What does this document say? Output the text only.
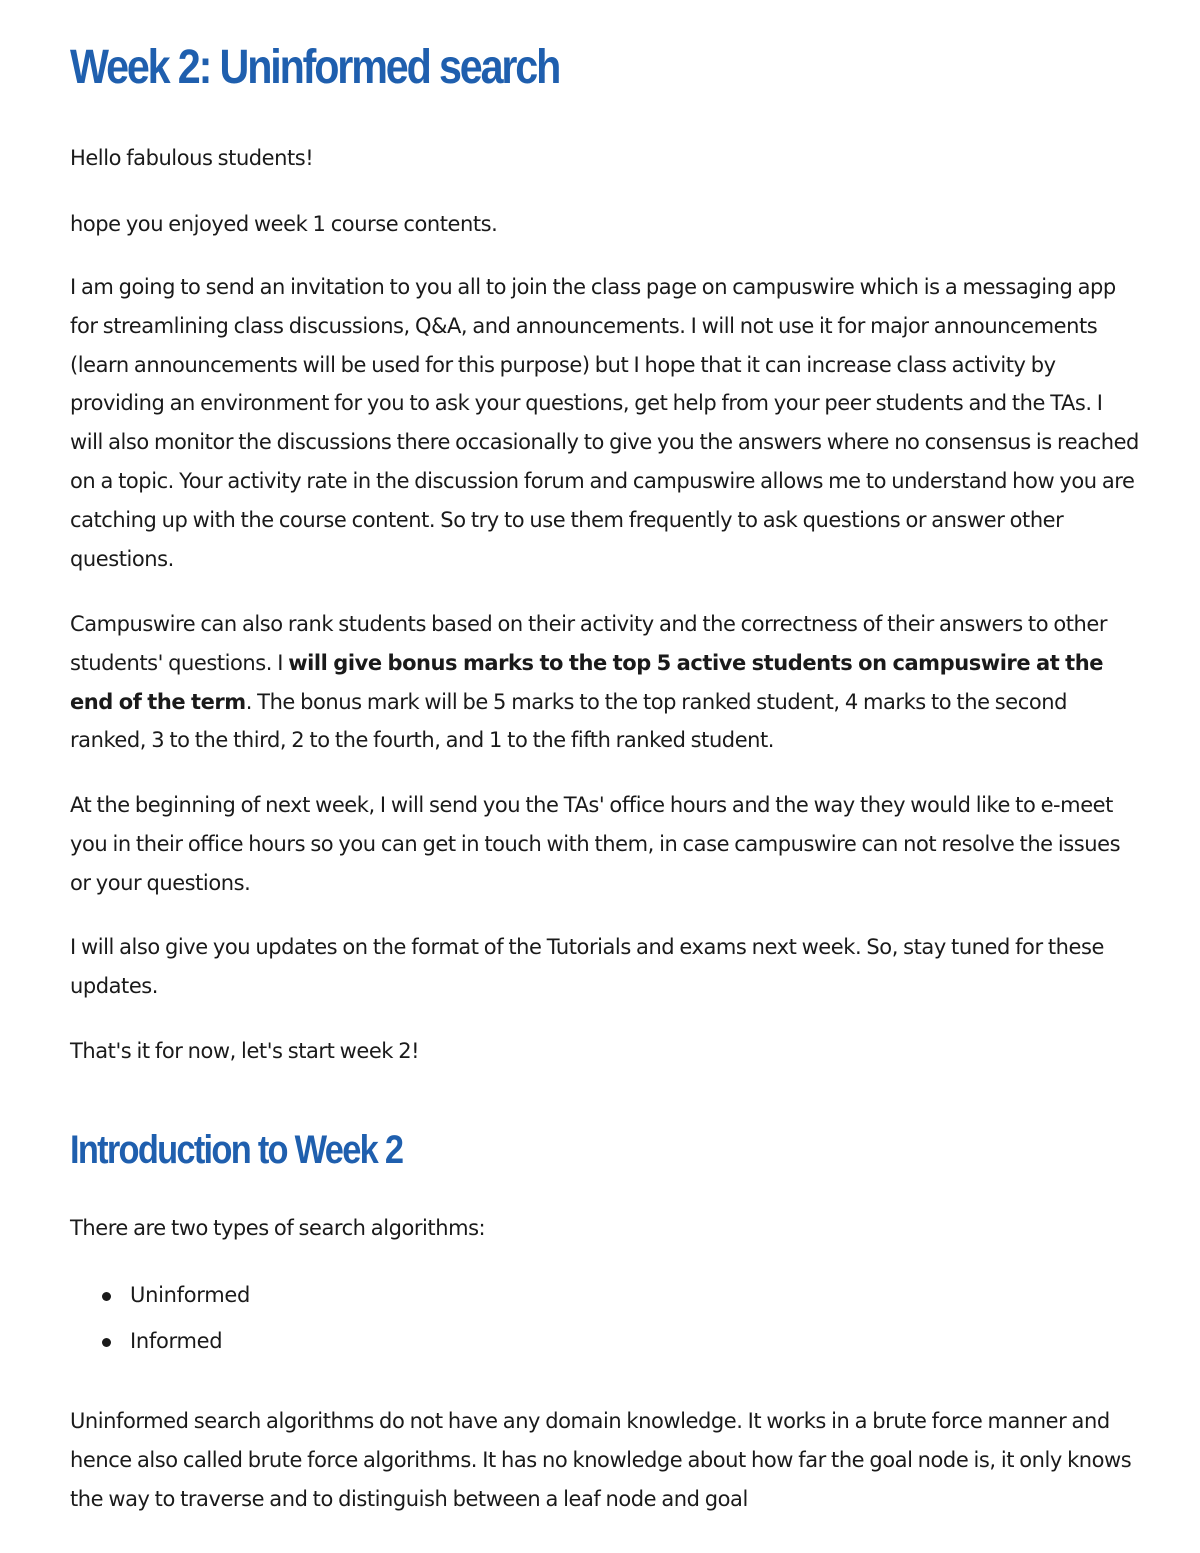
Week 2: Uninformed search

Hello fabulous students!

hope you enjoyed week 1 course contents.

I am going to send an invitation to you all to join the class page on campuswire which is a messaging app for streamlining class discussions, Q&A, and announcements. I will not use it for major announcements (learn announcements will be used for this purpose) but I hope that it can increase class activity by providing an environment for you to ask your questions, get help from your peer students and the TAs. I will also monitor the discussions there occasionally to give you the answers where no consensus is reached on a topic. Your activity rate in the discussion forum and campuswire allows me to understand how you are catching up with the course content. So try to use them frequently to ask questions or answer other questions.

Campuswire can also rank students based on their activity and the correctness of their answers to other students' questions. I will give bonus marks to the top 5 active students on campuswire at the end of the term. The bonus mark will be 5 marks to the top ranked student, 4 marks to the second ranked, 3 to the third, 2 to the fourth, and 1 to the fifth ranked student.

At the beginning of next week, I will send you the TAs' office hours and the way they would like to e-meet you in their office hours so you can get in touch with them, in case campuswire can not resolve the issues or your questions.

I will also give you updates on the format of the Tutorials and exams next week. So, stay tuned for these updates.

That's it for now, let's start week 2!

Introduction to Week 2

There are two types of search algorithms:

Uninformed
Informed

Uninformed search algorithms do not have any domain knowledge. It works in a brute force manner and hence also called brute force algorithms. It has no knowledge about how far the goal node is, it only knows the way to traverse and to distinguish between a leaf node and goal
